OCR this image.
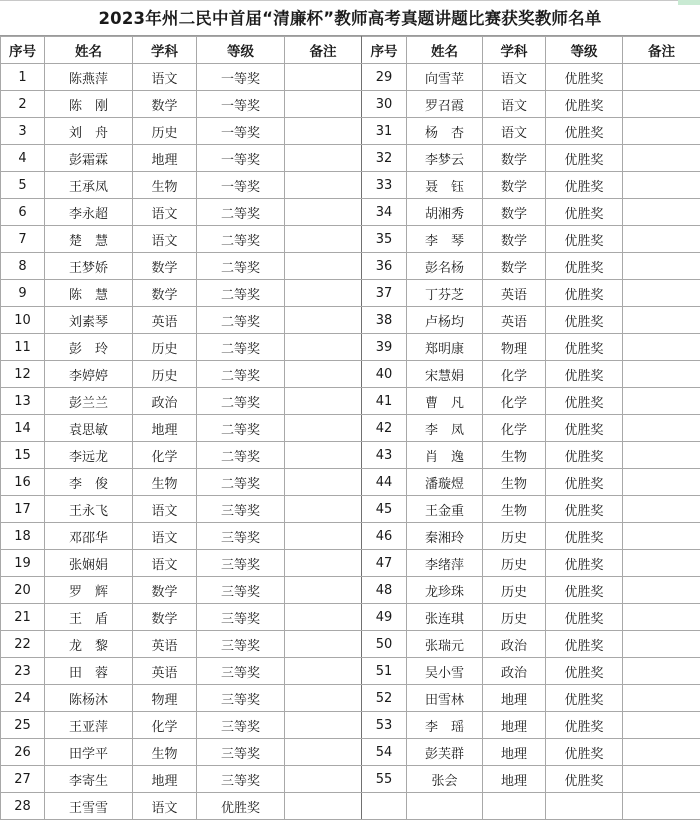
2023年州二民中首届“清廉杯”教师高考真题讲题比赛获奖教师名单
序号	姓名	学科	等级	备注	序号	姓名	学科	等级	备注
1	陈燕萍	语文	一等奖		29	向雪苹	语文	优胜奖	
2	陈　刚	数学	一等奖		30	罗召霞	语文	优胜奖	
3	刘　舟	历史	一等奖		31	杨　杏	语文	优胜奖	
4	彭霜霖	地理	一等奖		32	李梦云	数学	优胜奖	
5	王承凤	生物	一等奖		33	聂　钰	数学	优胜奖	
6	李永超	语文	二等奖		34	胡湘秀	数学	优胜奖	
7	楚　慧	语文	二等奖		35	李　琴	数学	优胜奖	
8	王梦娇	数学	二等奖		36	彭名杨	数学	优胜奖	
9	陈　慧	数学	二等奖		37	丁芬芝	英语	优胜奖	
10	刘素琴	英语	二等奖		38	卢杨均	英语	优胜奖	
11	彭　玲	历史	二等奖		39	郑明康	物理	优胜奖	
12	李婷婷	历史	二等奖		40	宋慧娟	化学	优胜奖	
13	彭兰兰	政治	二等奖		41	曹　凡	化学	优胜奖	
14	袁思敏	地理	二等奖		42	李　凤	化学	优胜奖	
15	李远龙	化学	二等奖		43	肖　逸	生物	优胜奖	
16	李　俊	生物	二等奖		44	潘璇煜	生物	优胜奖	
17	王永飞	语文	三等奖		45	王金重	生物	优胜奖	
18	邓邵华	语文	三等奖		46	秦湘玲	历史	优胜奖	
19	张娴娟	语文	三等奖		47	李绪萍	历史	优胜奖	
20	罗　辉	数学	三等奖		48	龙珍珠	历史	优胜奖	
21	王　盾	数学	三等奖		49	张连琪	历史	优胜奖	
22	龙　黎	英语	三等奖		50	张瑞元	政治	优胜奖	
23	田　蓉	英语	三等奖		51	吴小雪	政治	优胜奖	
24	陈杨沐	物理	三等奖		52	田雪林	地理	优胜奖	
25	王亚萍	化学	三等奖		53	李　瑶	地理	优胜奖	
26	田学平	生物	三等奖		54	彭芙群	地理	优胜奖	
27	李寄生	地理	三等奖		55	张会	地理	优胜奖	
28	王雪雪	语文	优胜奖						
